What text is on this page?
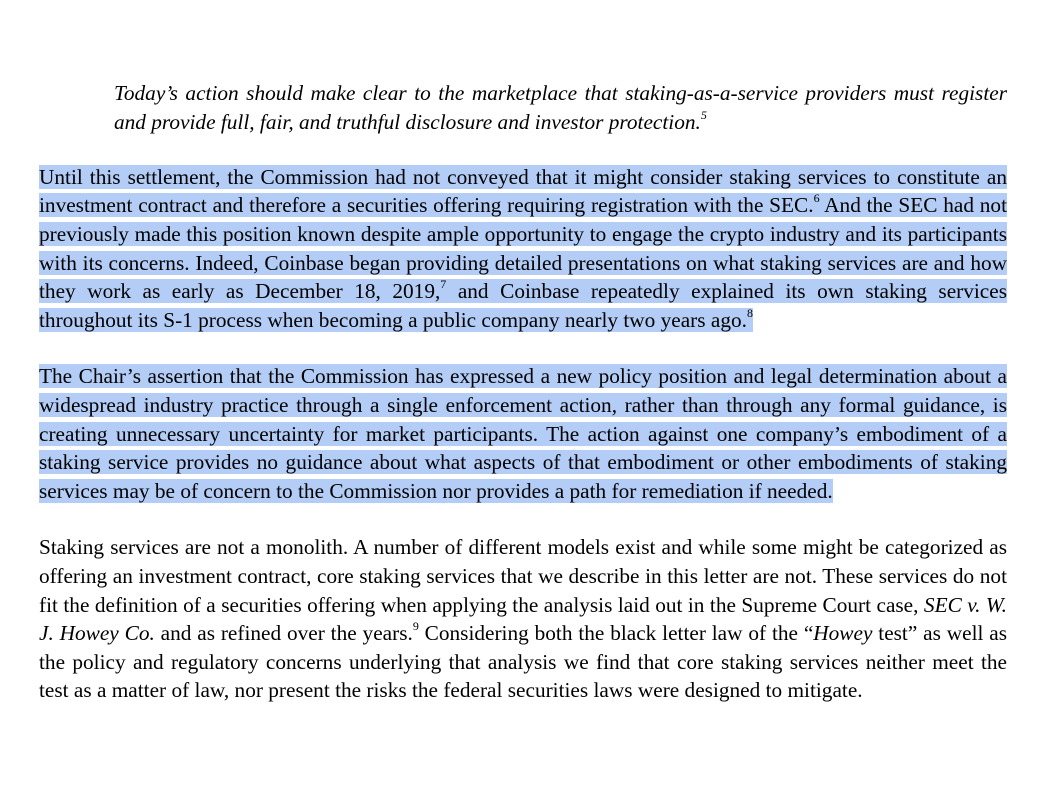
Today’s action should make clear to the marketplace that staking-as-a-service providers must register and provide full, fair, and truthful disclosure and investor protection.$^5$

Until this settlement, the Commission had not conveyed that it might consider staking services to constitute an investment contract and therefore a securities offering requiring registration with the SEC.$^6$ And the SEC had not previously made this position known despite ample opportunity to engage the crypto industry and its participants with its concerns. Indeed, Coinbase began providing detailed presentations on what staking services are and how they work as early as December 18, 2019,$^7$ and Coinbase repeatedly explained its own staking services throughout its S-1 process when becoming a public company nearly two years ago.$^8$

The Chair’s assertion that the Commission has expressed a new policy position and legal determination about a widespread industry practice through a single enforcement action, rather than through any formal guidance, is creating unnecessary uncertainty for market participants. The action against one company’s embodiment of a staking service provides no guidance about what aspects of that embodiment or other embodiments of staking services may be of concern to the Commission nor provides a path for remediation if needed.

Staking services are not a monolith. A number of different models exist and while some might be categorized as offering an investment contract, core staking services that we describe in this letter are not. These services do not fit the definition of a securities offering when applying the analysis laid out in the Supreme Court case, SEC v. W. J. Howey Co. and as refined over the years.$^9$ Considering both the black letter law of the “Howey test” as well as the policy and regulatory concerns underlying that analysis we find that core staking services neither meet the test as a matter of law, nor present the risks the federal securities laws were designed to mitigate.
